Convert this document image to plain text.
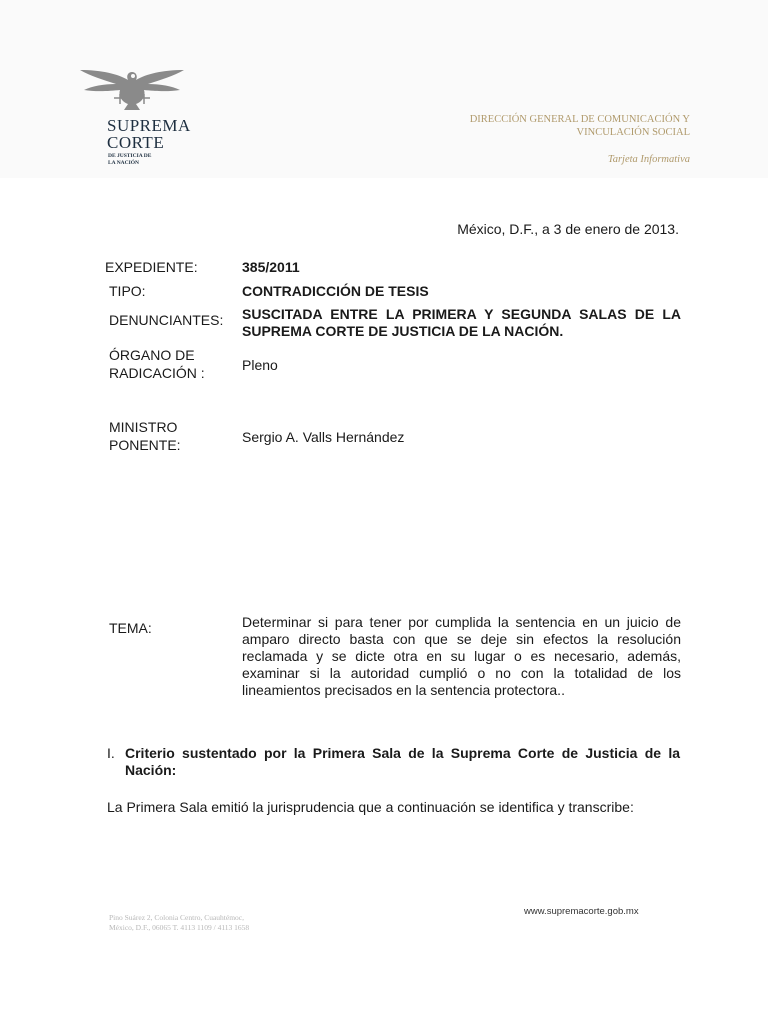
SUPREMA
CORTE
DE JUSTICIA DE
LA NACIÓN
DIRECCIÓN GENERAL DE COMUNICACIÓN Y
VINCULACIÓN SOCIAL
Tarjeta Informativa
México, D.F., a 3 de enero de 2013.
EXPEDIENTE:	385/2011
TIPO:	CONTRADICCIÓN DE TESIS
DENUNCIANTES: SUSCITADA ENTRE LA PRIMERA Y SEGUNDA SALAS DE LA SUPREMA CORTE DE JUSTICIA DE LA NACIÓN.
ÓRGANO DE
RADICACIÓN :	Pleno
MINISTRO
PONENTE:	Sergio A. Valls Hernández
TEMA:	Determinar si para tener por cumplida la sentencia en un juicio de amparo directo basta con que se deje sin efectos la resolución reclamada y se dicte otra en su lugar o es necesario, además, examinar si la autoridad cumplió o no con la totalidad de los lineamientos precisados en la sentencia protectora..
I. Criterio sustentado por la Primera Sala de la Suprema Corte de Justicia de la Nación:
La Primera Sala emitió la jurisprudencia que a continuación se identifica y transcribe:
Pino Suárez 2, Colonia Centro, Cuauhtémoc,
México, D.F., 06065 T. 4113 1109 / 4113 1658
www.supremacorte.gob.mx
